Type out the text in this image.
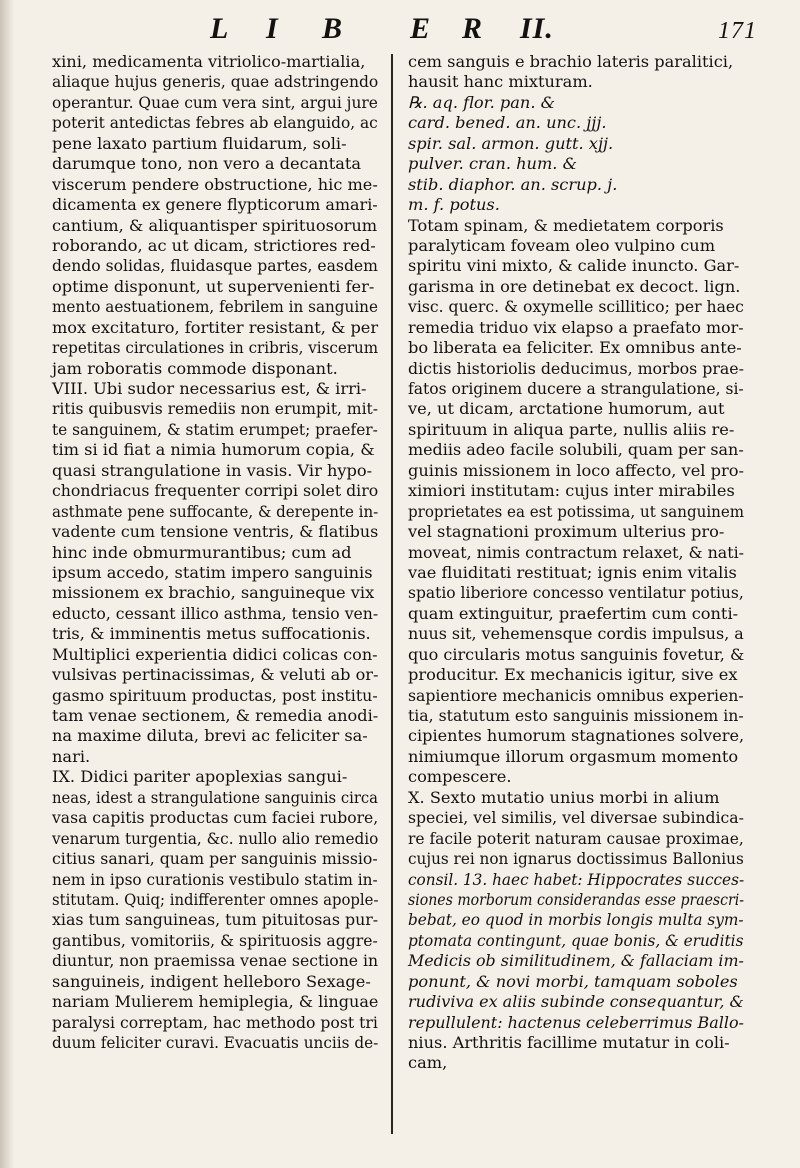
L I B E R II.	171
xini, medicamenta vitriolico-martialia,
aliaque hujus generis, quae adstringendo
operantur. Quae cum vera sint, argui jure
poterit antedictas febres ab elanguido, ac
pene laxato partium fluidarum, soli-
darumque tono, non vero a decantata
viscerum pendere obstructione, hic me-
dicamenta ex genere flypticorum amari-
cantium, & aliquantisper spirituosorum
roborando, ac ut dicam, strictiores red-
dendo solidas, fluidasque partes, easdem
optime disponunt, ut supervenienti fer-
mento aestuationem, febrilem in sanguine
mox excitaturo, fortiter resistant, & per
repetitas circulationes in cribris, viscerum
jam roboratis commode disponant.
VIII. Ubi sudor necessarius est, & irri-
ritis quibusvis remediis non erumpit, mit-
te sanguinem, & statim erumpet; praefer-
tim si id fiat a nimia humorum copia, &
quasi strangulatione in vasis. Vir hypo-
chondriacus frequenter corripi solet diro
asthmate pene suffocante, & derepente in-
vadente cum tensione ventris, & flatibus
hinc inde obmurmurantibus; cum ad
ipsum accedo, statim impero sanguinis
missionem ex brachio, sanguineque vix
educto, cessant illico asthma, tensio ven-
tris, & imminentis metus suffocationis.
Multiplici experientia didici colicas con-
vulsivas pertinacissimas, & veluti ab or-
gasmo spirituum productas, post institu-
tam venae sectionem, & remedia anodi-
na maxime diluta, brevi ac feliciter sa-
nari.
IX. Didici pariter apoplexias sangui-
neas, idest a strangulatione sanguinis circa
vasa capitis productas cum faciei rubore,
venarum turgentia, &c. nullo alio remedio
citius sanari, quam per sanguinis missio-
nem in ipso curationis vestibulo statim in-
stitutam. Quiq; indifferenter omnes apople-
xias tum sanguineas, tum pituitosas pur-
gantibus, vomitoriis, & spirituosis aggre-
diuntur, non praemissa venae sectione in
sanguineis, indigent helleboro Sexage-
nariam Mulierem hemiplegia, & linguae
paralysi correptam, hac methodo post tri
duum feliciter curavi. Evacuatis unciis de-
cem sanguis e brachio lateris paralitici,
hausit hanc mixturam.
℞. aq. flor. pan. &
card. bened. an. unc. jjj.
spir. sal. armon. gutt. xjj.
pulver. cran. hum. &
stib. diaphor. an. scrup. j.
m. f. potus.
Totam spinam, & medietatem corporis
paralyticam foveam oleo vulpino cum
spiritu vini mixto, & calide inuncto. Gar-
garisma in ore detinebat ex decoct. lign.
visc. querc. & oxymelle scillitico; per haec
remedia triduo vix elapso a praefato mor-
bo liberata ea feliciter. Ex omnibus ante-
dictis historiolis deducimus, morbos prae-
fatos originem ducere a strangulatione, si-
ve, ut dicam, arctatione humorum, aut
spirituum in aliqua parte, nullis aliis re-
mediis adeo facile solubili, quam per san-
guinis missionem in loco affecto, vel pro-
ximiori institutam: cujus inter mirabiles
proprietates ea est potissima, ut sanguinem
vel stagnationi proximum ulterius pro-
moveat, nimis contractum relaxet, & nati-
vae fluiditati restituat; ignis enim vitalis
spatio liberiore concesso ventilatur potius,
quam extinguitur, praefertim cum conti-
nuus sit, vehemensque cordis impulsus, a
quo circularis motus sanguinis fovetur, &
producitur. Ex mechanicis igitur, sive ex
sapientiore mechanicis omnibus experien-
tia, statutum esto sanguinis missionem in-
cipientes humorum stagnationes solvere,
nimiumque illorum orgasmum momento
compescere.
X. Sexto mutatio unius morbi in alium
speciei, vel similis, vel diversae subindica-
re facile poterit naturam causae proximae,
cujus rei non ignarus doctissimus Ballonius
consil. 13. haec habet: Hippocrates succes-
siones morborum considerandas esse praescri-
bebat, eo quod in morbis longis multa sym-
ptomata contingunt, quae bonis, & eruditis
Medicis ob similitudinem, & fallaciam im-
ponunt, & novi morbi, tamquam soboles
rudiviva ex aliis subinde consequantur, &
repullulent: hactenus celeberrimus Ballo-
nius. Arthritis facillime mutatur in coli-
cam,
